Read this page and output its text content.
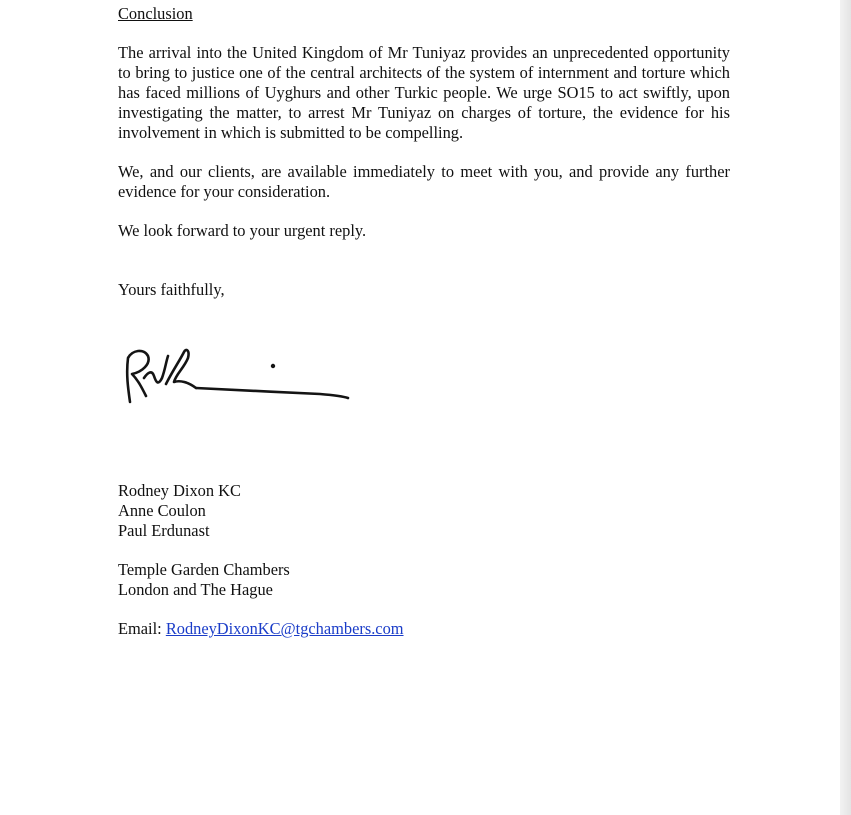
Conclusion

The arrival into the United Kingdom of Mr Tuniyaz provides an unprecedented opportunity to bring to justice one of the central architects of the system of internment and torture which has faced millions of Uyghurs and other Turkic people. We urge SO15 to act swiftly, upon investigating the matter, to arrest Mr Tuniyaz on charges of torture, the evidence for his involvement in which is submitted to be compelling.

We, and our clients, are available immediately to meet with you, and provide any further evidence for your consideration.

We look forward to your urgent reply.

Yours faithfully,

Rodney Dixon KC

Anne Coulon

Paul Erdunast

Temple Garden Chambers

London and The Hague

Email: RodneyDixonKC@tgchambers.com
